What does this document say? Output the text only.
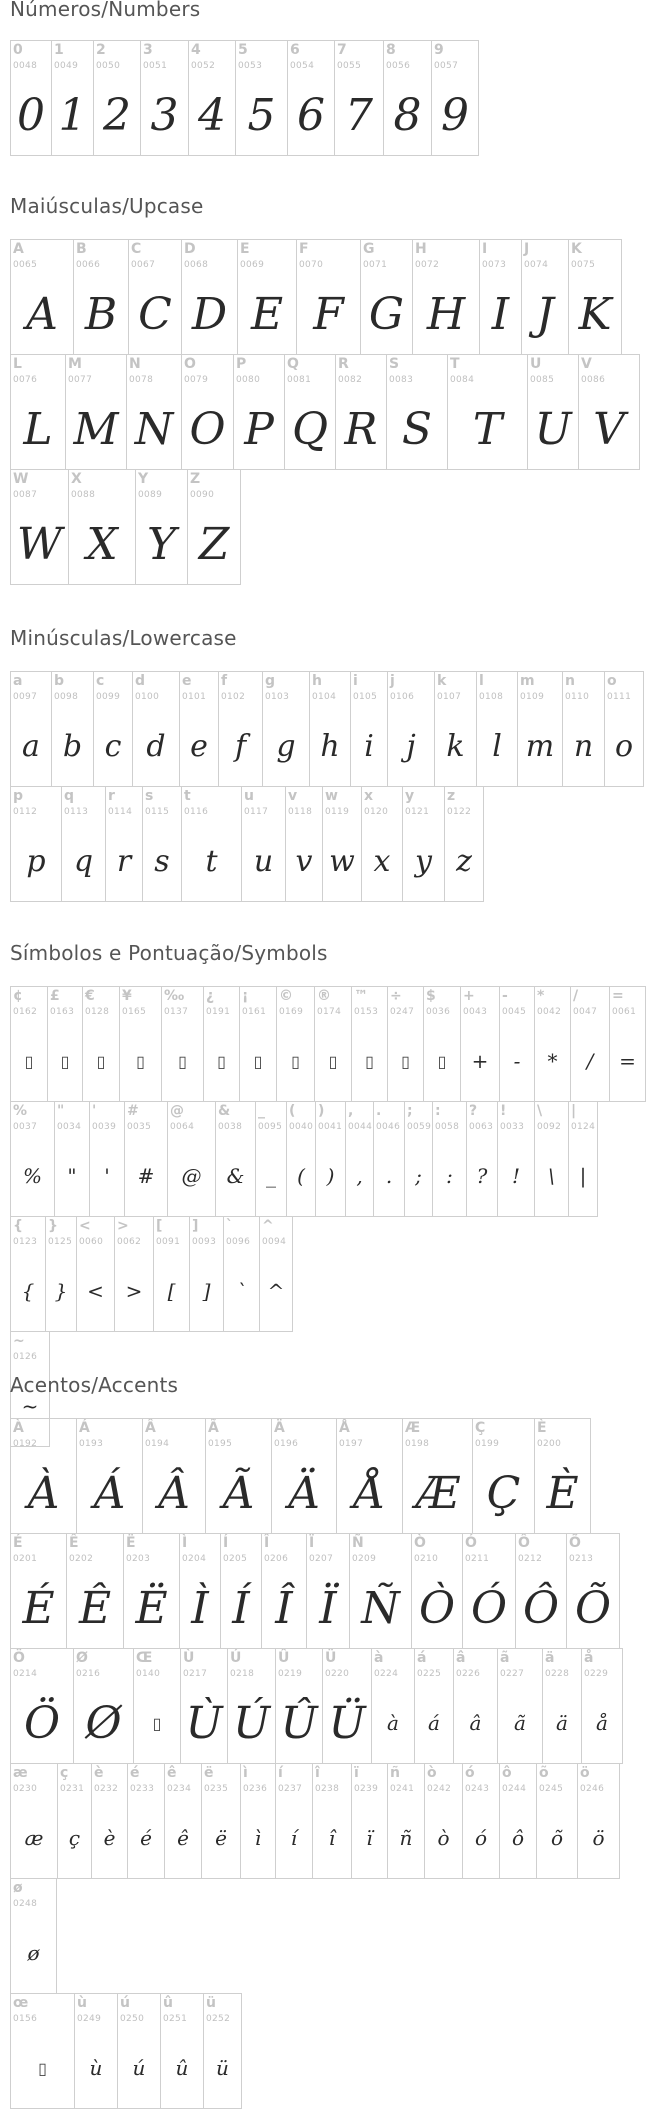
Números/Numbers
0
0048
0
1
0049
1
2
0050
2
3
0051
3
4
0052
4
5
0053
5
6
0054
6
7
0055
7
8
0056
8
9
0057
9
Maiúsculas/Upcase
A
0065
A
B
0066
B
C
0067
C
D
0068
D
E
0069
E
F
0070
F
G
0071
G
H
0072
H
I
0073
I
J
0074
J
K
0075
K
L
0076
L
M
0077
M
N
0078
N
O
0079
O
P
0080
P
Q
0081
Q
R
0082
R
S
0083
S
T
0084
T
U
0085
U
V
0086
V
W
0087
W
X
0088
X
Y
0089
Y
Z
0090
Z
Minúsculas/Lowercase
a
0097
a
b
0098
b
c
0099
c
d
0100
d
e
0101
e
f
0102
f
g
0103
g
h
0104
h
i
0105
i
j
0106
j
k
0107
k
l
0108
l
m
0109
m
n
0110
n
o
0111
o
p
0112
p
q
0113
q
r
0114
r
s
0115
s
t
0116
t
u
0117
u
v
0118
v
w
0119
w
x
0120
x
y
0121
y
z
0122
z
Símbolos e Pontuação/Symbols
¢
0162
▯
£
0163
▯
€
0128
▯
¥
0165
▯
‰
0137
▯
¿
0191
▯
¡
0161
▯
©
0169
▯
®
0174
▯
™
0153
▯
÷
0247
▯
$
0036
▯
+
0043
+
-
0045
-
*
0042
*
/
0047
/
=
0061
=
%
0037
%
"
0034
"
'
0039
'
#
0035
#
@
0064
@
&
0038
&
_
0095
_
(
0040
(
)
0041
)
,
0044
,
.
0046
.
;
0059
;
:
0058
:
?
0063
?
!
0033
!
\
0092
\
|
0124
|
{
0123
{
}
0125
}
<
0060
<
>
0062
>
[
0091
[
]
0093
]
`
0096
`
^
0094
^
~
0126
~
Acentos/Accents
À
0192
À
Á
0193
Á
Â
0194
Â
Ã
0195
Ã
Ä
0196
Ä
Å
0197
Å
Æ
0198
Æ
Ç
0199
Ç
È
0200
È
É
0201
É
Ê
0202
Ê
Ë
0203
Ë
Ì
0204
Ì
Í
0205
Í
Î
0206
Î
Ï
0207
Ï
Ñ
0209
Ñ
Ò
0210
Ò
Ó
0211
Ó
Ô
0212
Ô
Õ
0213
Õ
Ö
0214
Ö
Ø
0216
Ø
Œ
0140
▯
Ù
0217
Ù
Ú
0218
Ú
Û
0219
Û
Ü
0220
Ü
à
0224
à
á
0225
á
â
0226
â
ã
0227
ã
ä
0228
ä
å
0229
å
æ
0230
æ
ç
0231
ç
è
0232
è
é
0233
é
ê
0234
ê
ë
0235
ë
ì
0236
ì
í
0237
í
î
0238
î
ï
0239
ï
ñ
0241
ñ
ò
0242
ò
ó
0243
ó
ô
0244
ô
õ
0245
õ
ö
0246
ö
ø
0248
ø
œ
0156
▯
ù
0249
ù
ú
0250
ú
û
0251
û
ü
0252
ü
